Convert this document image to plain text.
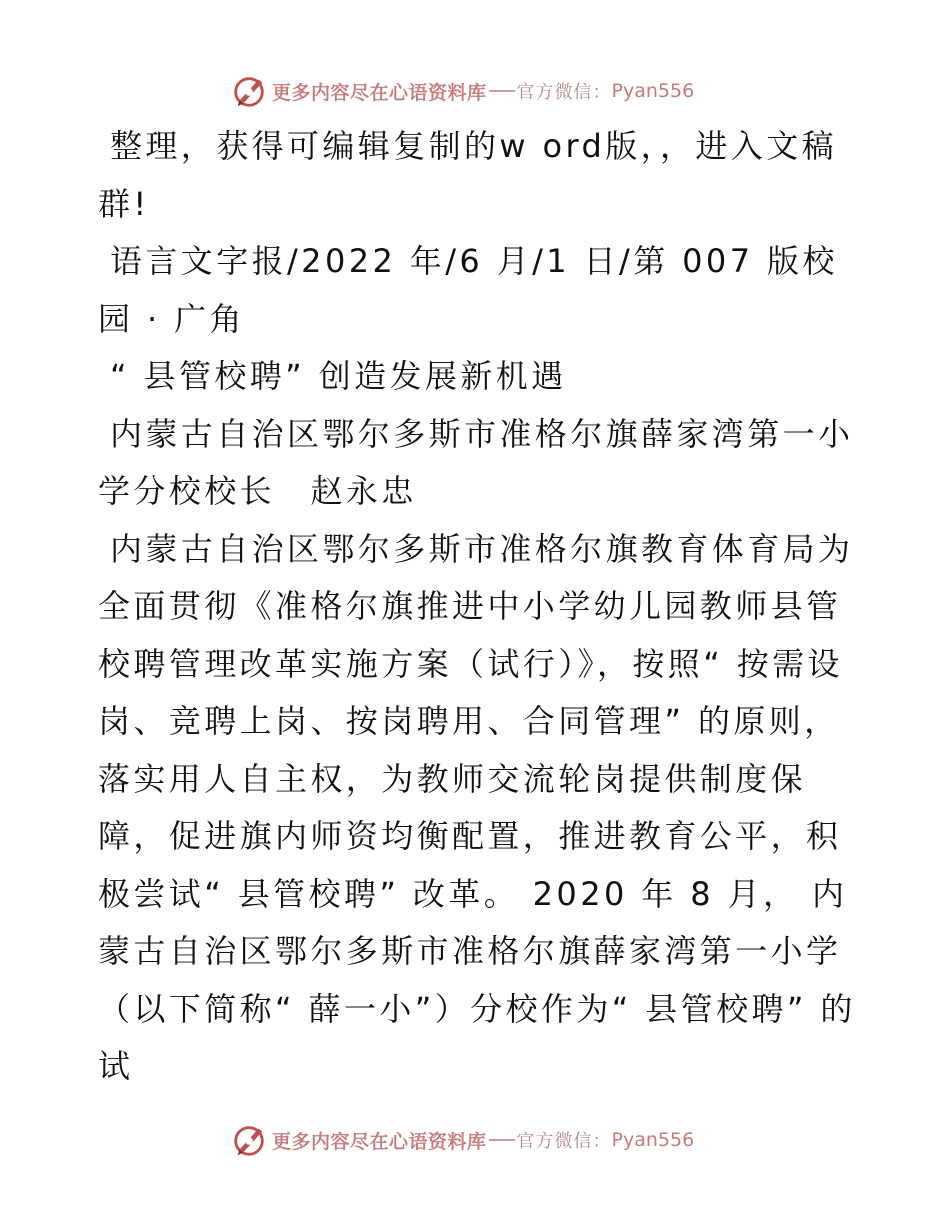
更多内容尽在心语资料库 官方微信： Pyan556

整理，获得可编辑复制的w ord版，，进入文稿群!

语言文字报/2022 年/6 月/1 日/第 007 版校园 · 广角

“ 县管校聘” 创造发展新机遇

内蒙古自治区鄂尔多斯市准格尔旗薛家湾第一小学分校校长　赵永忠

内蒙古自治区鄂尔多斯市准格尔旗教育体育局为全面贯彻《准格尔旗推进中小学幼儿园教师县管校聘管理改革实施方案（试行）》，按照“ 按需设岗、竞聘上岗、按岗聘用、合同管理” 的原则，落实用人自主权，为教师交流轮岗提供制度保障，促进旗内师资均衡配置，推进教育公平，积极尝试“ 县管校聘” 改革。 2020 年 8 月， 内蒙古自治区鄂尔多斯市准格尔旗薛家湾第一小学 （以下简称“ 薛一小”）分校作为“ 县管校聘” 的试

更多内容尽在心语资料库 官方微信： Pyan556
